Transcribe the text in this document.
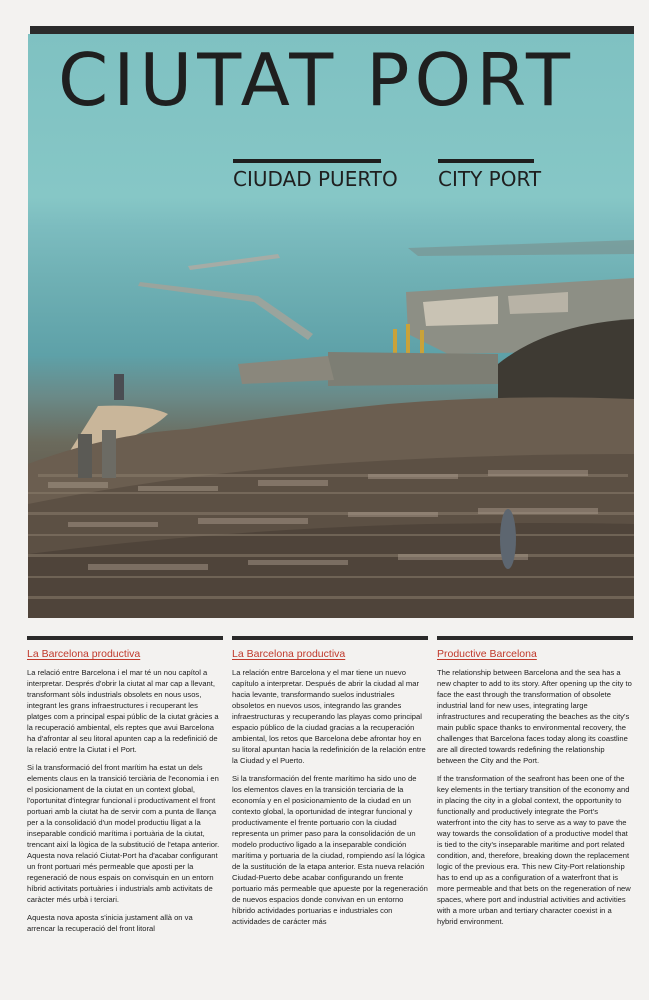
CIUTAT PORT
CIUDAD PUERTO CITY PORT
La Barcelona productiva

La relació entre Barcelona i el mar té un nou capítol a interpretar. Després d'obrir la ciutat al mar cap a llevant, transformant sòls industrials obsolets en nous usos, integrant les grans infraestructures i recuperant les platges com a principal espai públic de la ciutat gràcies a la recuperació ambiental, els reptes que avui Barcelona ha d'afrontar al seu litoral apunten cap a la redefinició de la relació entre la Ciutat i el Port.

Si la transformació del front marítim ha estat un dels elements claus en la transició terciària de l'economia i en el posicionament de la ciutat en un context global, l'oportunitat d'integrar funcional i productivament el front portuari amb la ciutat ha de servir com a punta de llança per a la consolidació d'un model productiu lligat a la inseparable condició marítima i portuària de la ciutat, trencant així la lògica de la substitució de l'etapa anterior. Aquesta nova relació Ciutat-Port ha d'acabar configurant un front portuari més permeable que aposti per la regeneració de nous espais on convisquin en un entorn híbrid activitats portuàries i industrials amb activitats de caràcter més urbà i terciari.

Aquesta nova aposta s'inicia justament allà on va arrencar la recuperació del front litoral

La Barcelona productiva

La relación entre Barcelona y el mar tiene un nuevo capítulo a interpretar. Después de abrir la ciudad al mar hacia levante, transformando suelos industriales obsoletos en nuevos usos, integrando las grandes infraestructuras y recuperando las playas como principal espacio público de la ciudad gracias a la recuperación ambiental, los retos que Barcelona debe afrontar hoy en su litoral apuntan hacia la redefinición de la relación entre la Ciudad y el Puerto.

Si la transformación del frente marítimo ha sido uno de los elementos claves en la transición terciaria de la economía y en el posicionamiento de la ciudad en un contexto global, la oportunidad de integrar funcional y productivamente el frente portuario con la ciudad representa un primer paso para la consolidación de un modelo productivo ligado a la inseparable condición marítima y portuaria de la ciudad, rompiendo así la lógica de la sustitución de la etapa anterior. Esta nueva relación Ciudad-Puerto debe acabar configurando un frente portuario más permeable que apueste por la regeneración de nuevos espacios donde convivan en un entorno híbrido actividades portuarias e industriales con actividades de carácter más

Productive Barcelona

The relationship between Barcelona and the sea has a new chapter to add to its story. After opening up the city to face the east through the transformation of obsolete industrial land for new uses, integrating large infrastructures and recuperating the beaches as the city's main public space thanks to environmental recovery, the challenges that Barcelona faces today along its coastline are all directed towards redefining the relationship between the City and the Port.

If the transformation of the seafront has been one of the key elements in the tertiary transition of the economy and in placing the city in a global context, the opportunity to functionally and productively integrate the Port's waterfront into the city has to serve as a way to pave the way towards the consolidation of a productive model that is tied to the city's inseparable maritime and port related condition, and, therefore, breaking down the replacement logic of the previous era. This new City-Port relationship has to end up as a configuration of a waterfront that is more permeable and that bets on the regeneration of new spaces, where port and industrial activities and activities with a more urban and tertiary character coexist in a hybrid environment.
